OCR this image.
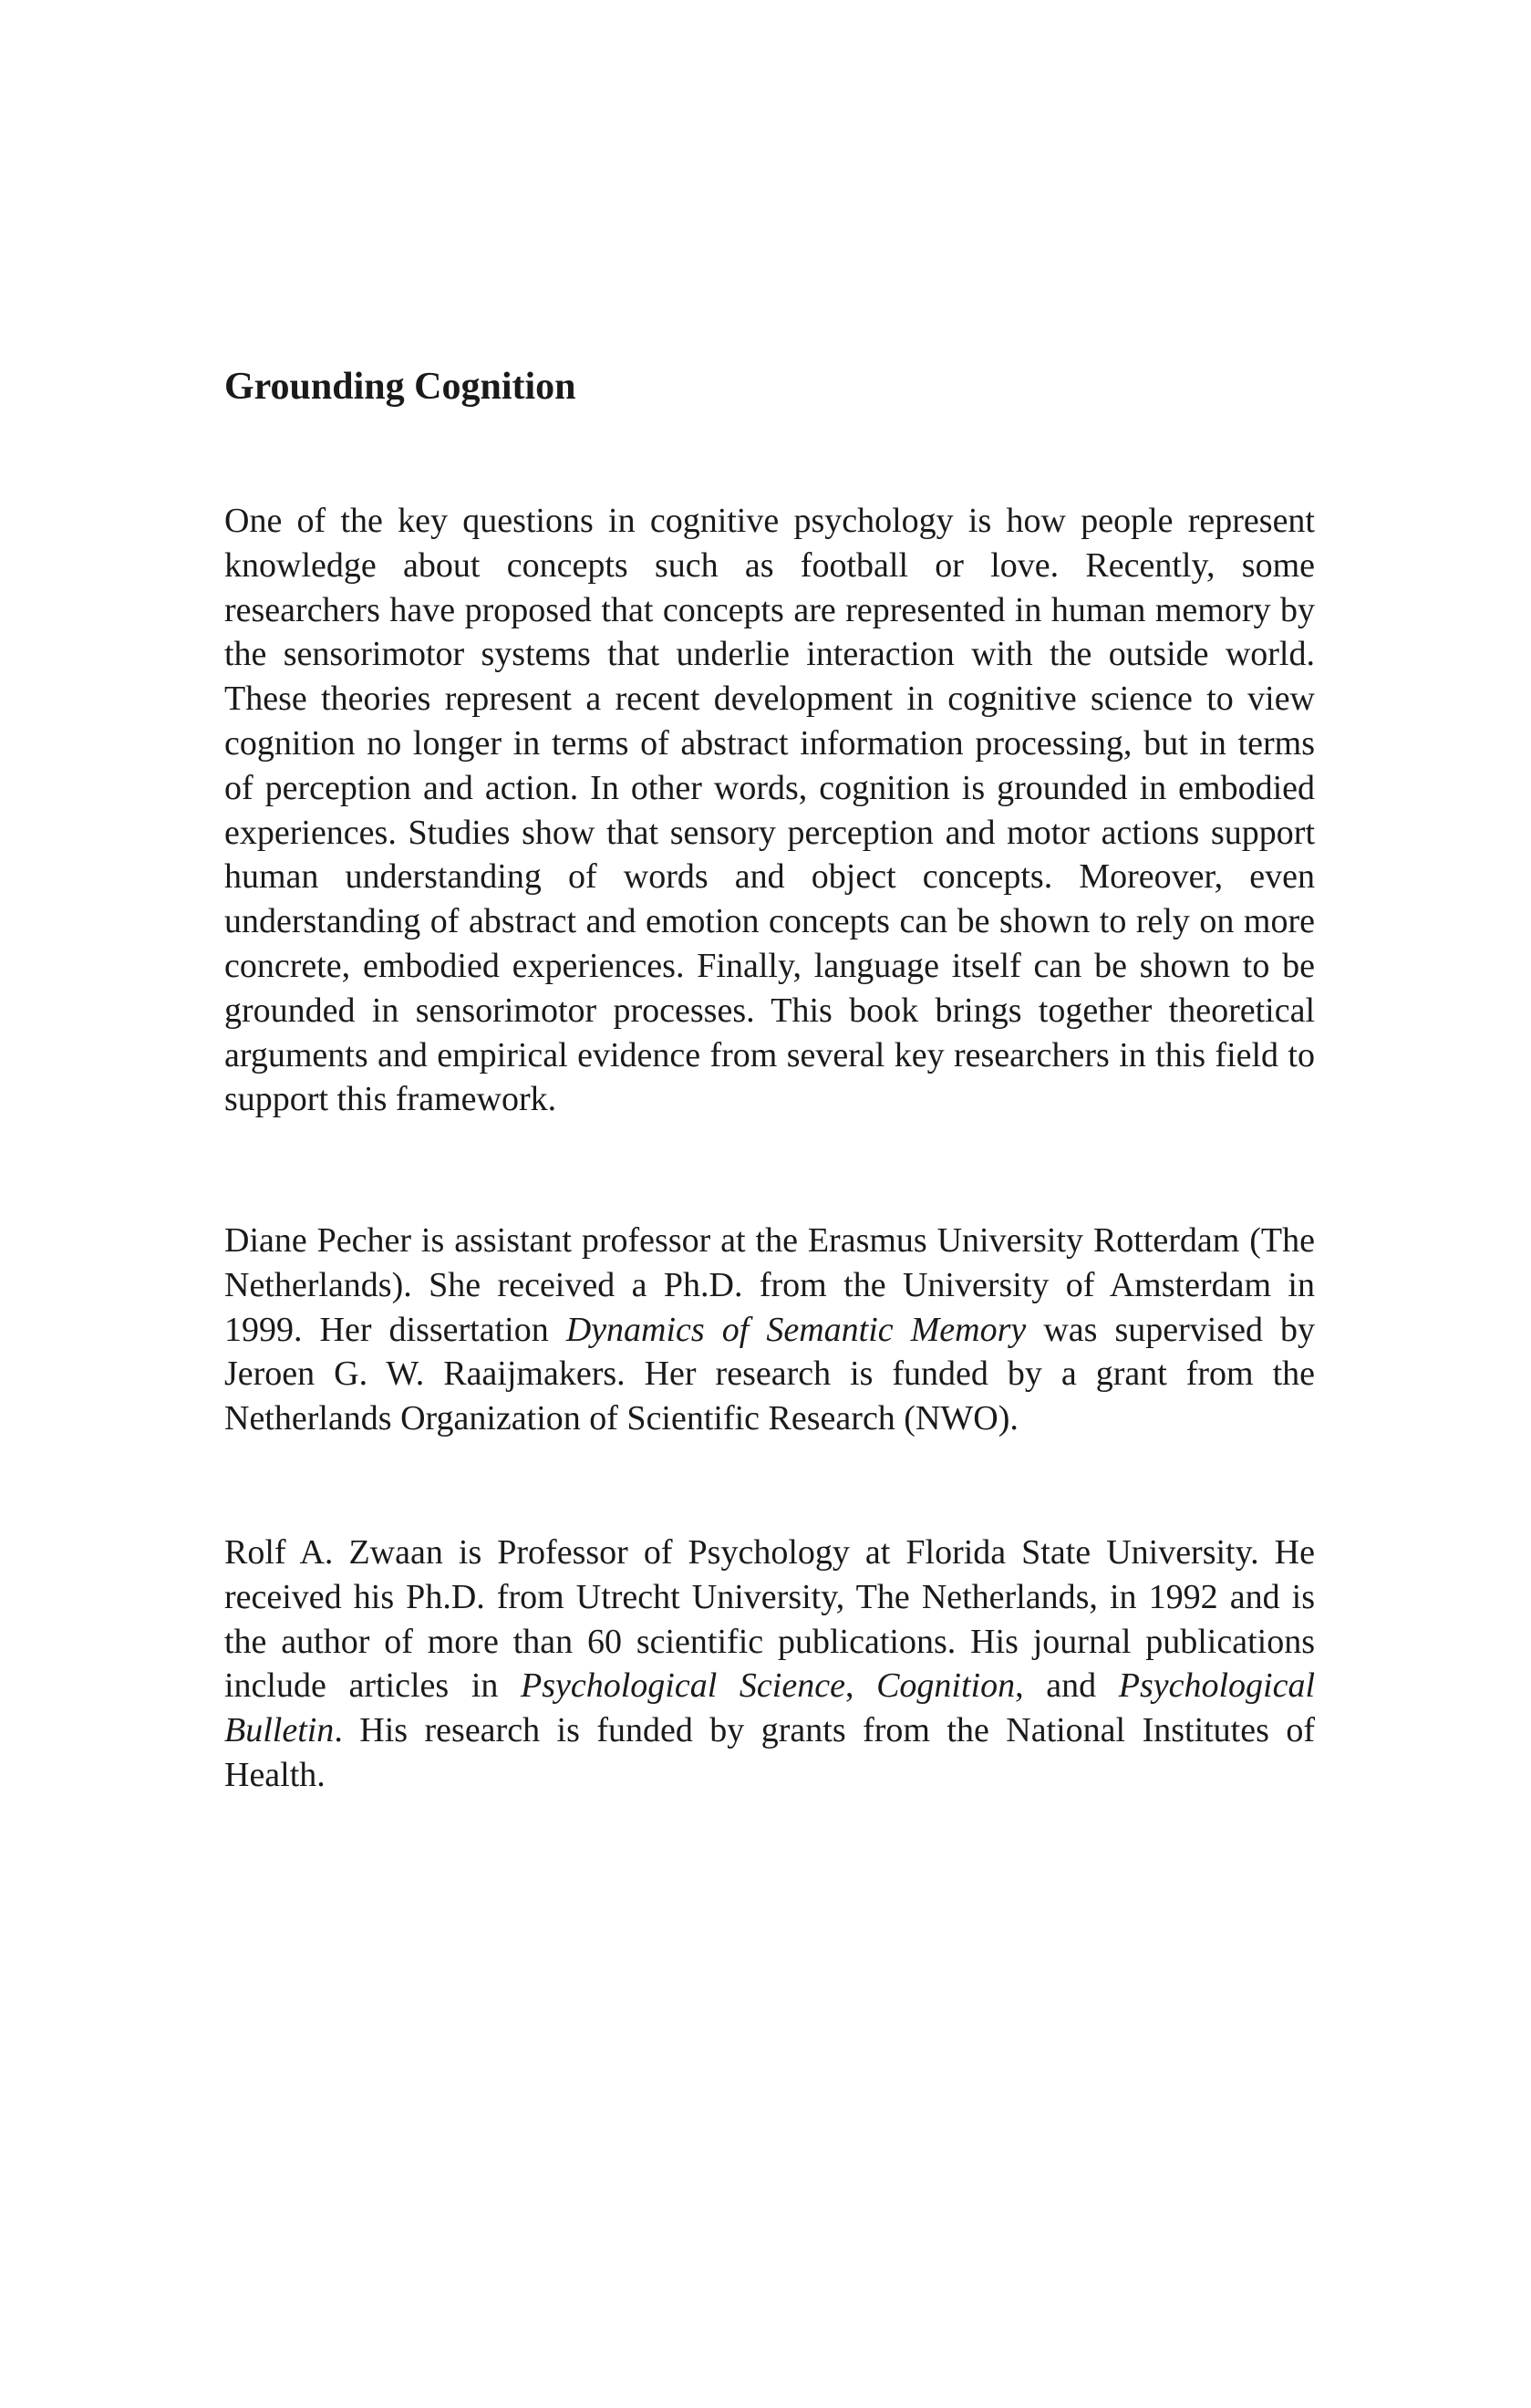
Grounding Cognition

One of the key questions in cognitive psychology is how people represent knowledge about concepts such as football or love. Recently, some researchers have proposed that concepts are represented in human memory by the sensorimotor systems that underlie interaction with the outside world. These theories represent a recent development in cognitive science to view cognition no longer in terms of abstract information processing, but in terms of perception and action. In other words, cognition is grounded in embodied experiences. Studies show that sensory perception and motor actions support human understanding of words and object concepts. Moreover, even understanding of abstract and emotion concepts can be shown to rely on more concrete, embodied experiences. Finally, language itself can be shown to be grounded in sensorimotor processes. This book brings together theoretical arguments and empirical evidence from several key researchers in this field to support this framework.

Diane Pecher is assistant professor at the Erasmus University Rotterdam (The Netherlands). She received a Ph.D. from the University of Amsterdam in 1999. Her dissertation Dynamics of Semantic Memory was supervised by Jeroen G. W. Raaijmakers. Her research is funded by a grant from the Netherlands Organization of Scientific Research (NWO).

Rolf A. Zwaan is Professor of Psychology at Florida State University. He received his Ph.D. from Utrecht University, The Netherlands, in 1992 and is the author of more than 60 scientific publications. His journal publications include articles in Psychological Science, Cognition, and Psychological Bulletin. His research is funded by grants from the National Institutes of Health.
